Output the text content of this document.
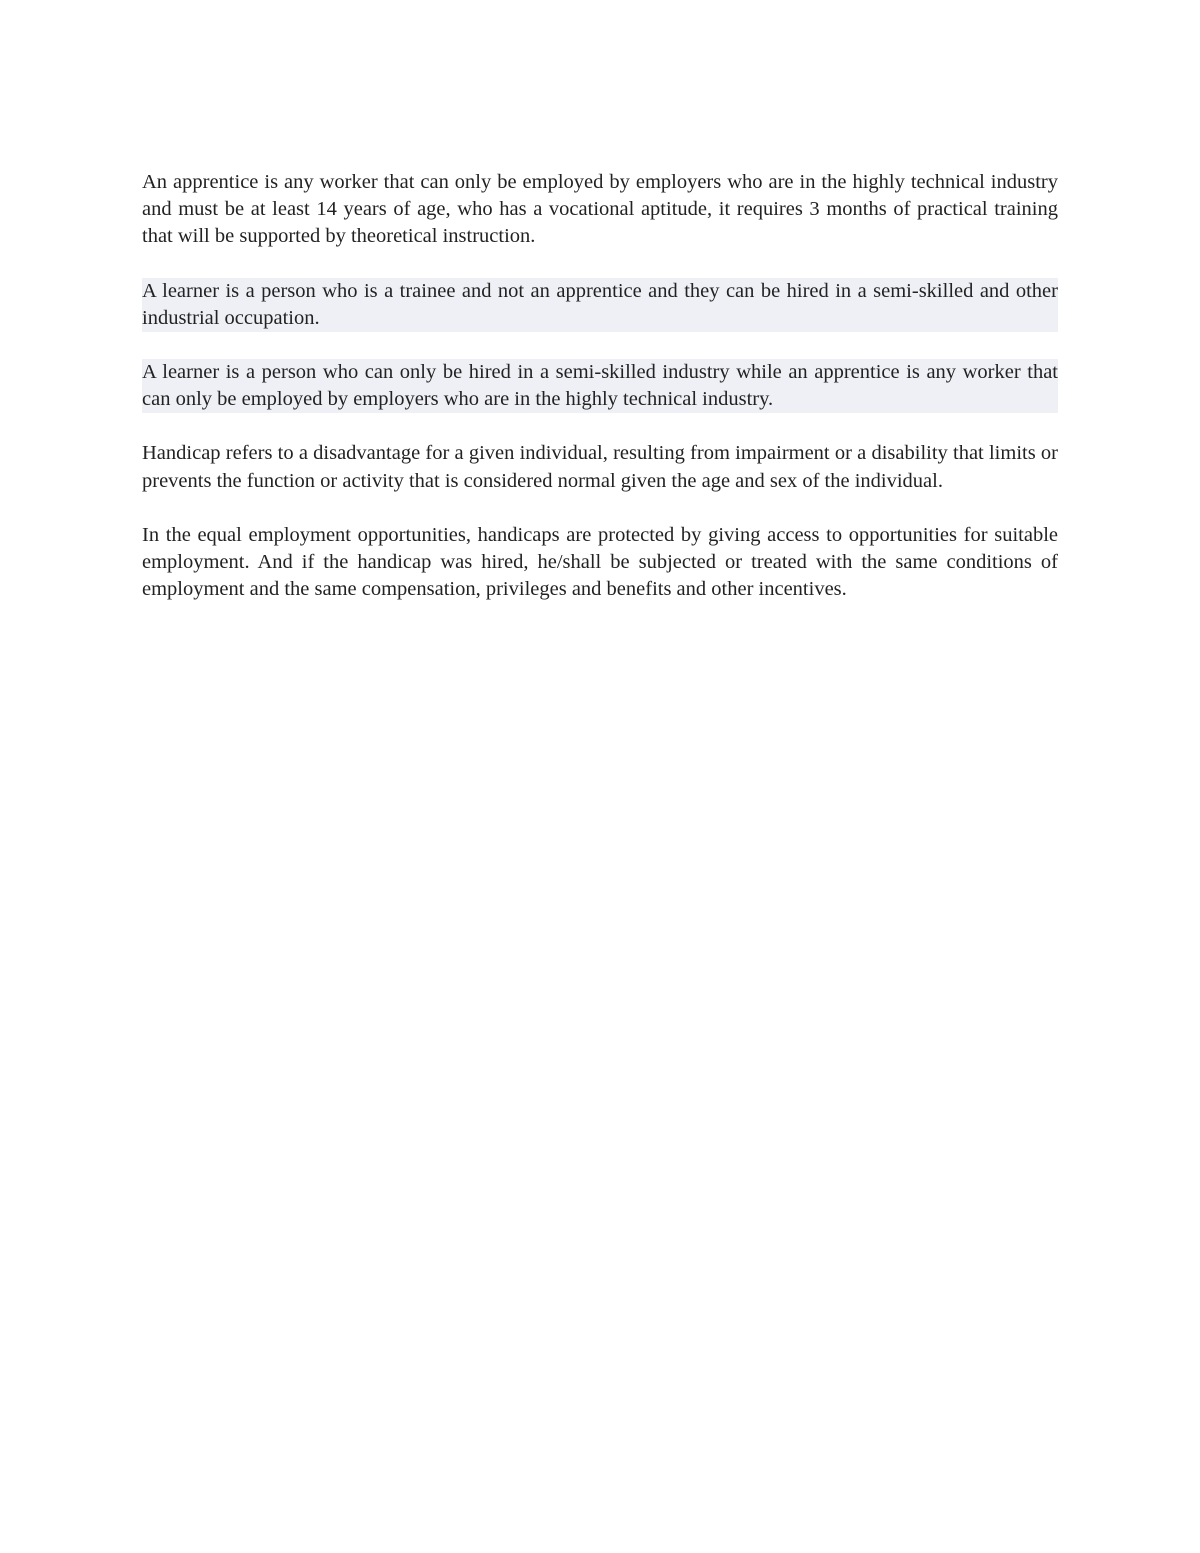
An apprentice is any worker that can only be employed by employers who are in the highly technical industry and must be at least 14 years of age, who has a vocational aptitude, it requires 3 months of practical training that will be supported by theoretical instruction.

A learner is a person who is a trainee and not an apprentice and they can be hired in a semi-skilled and other industrial occupation.

A learner is a person who can only be hired in a semi-skilled industry while an apprentice is any worker that can only be employed by employers who are in the highly technical industry.

Handicap refers to a disadvantage for a given individual, resulting from impairment or a disability that limits or prevents the function or activity that is considered normal given the age and sex of the individual.

In the equal employment opportunities, handicaps are protected by giving access to opportunities for suitable employment. And if the handicap was hired, he/shall be subjected or treated with the same conditions of employment and the same compensation, privileges and benefits and other incentives.
